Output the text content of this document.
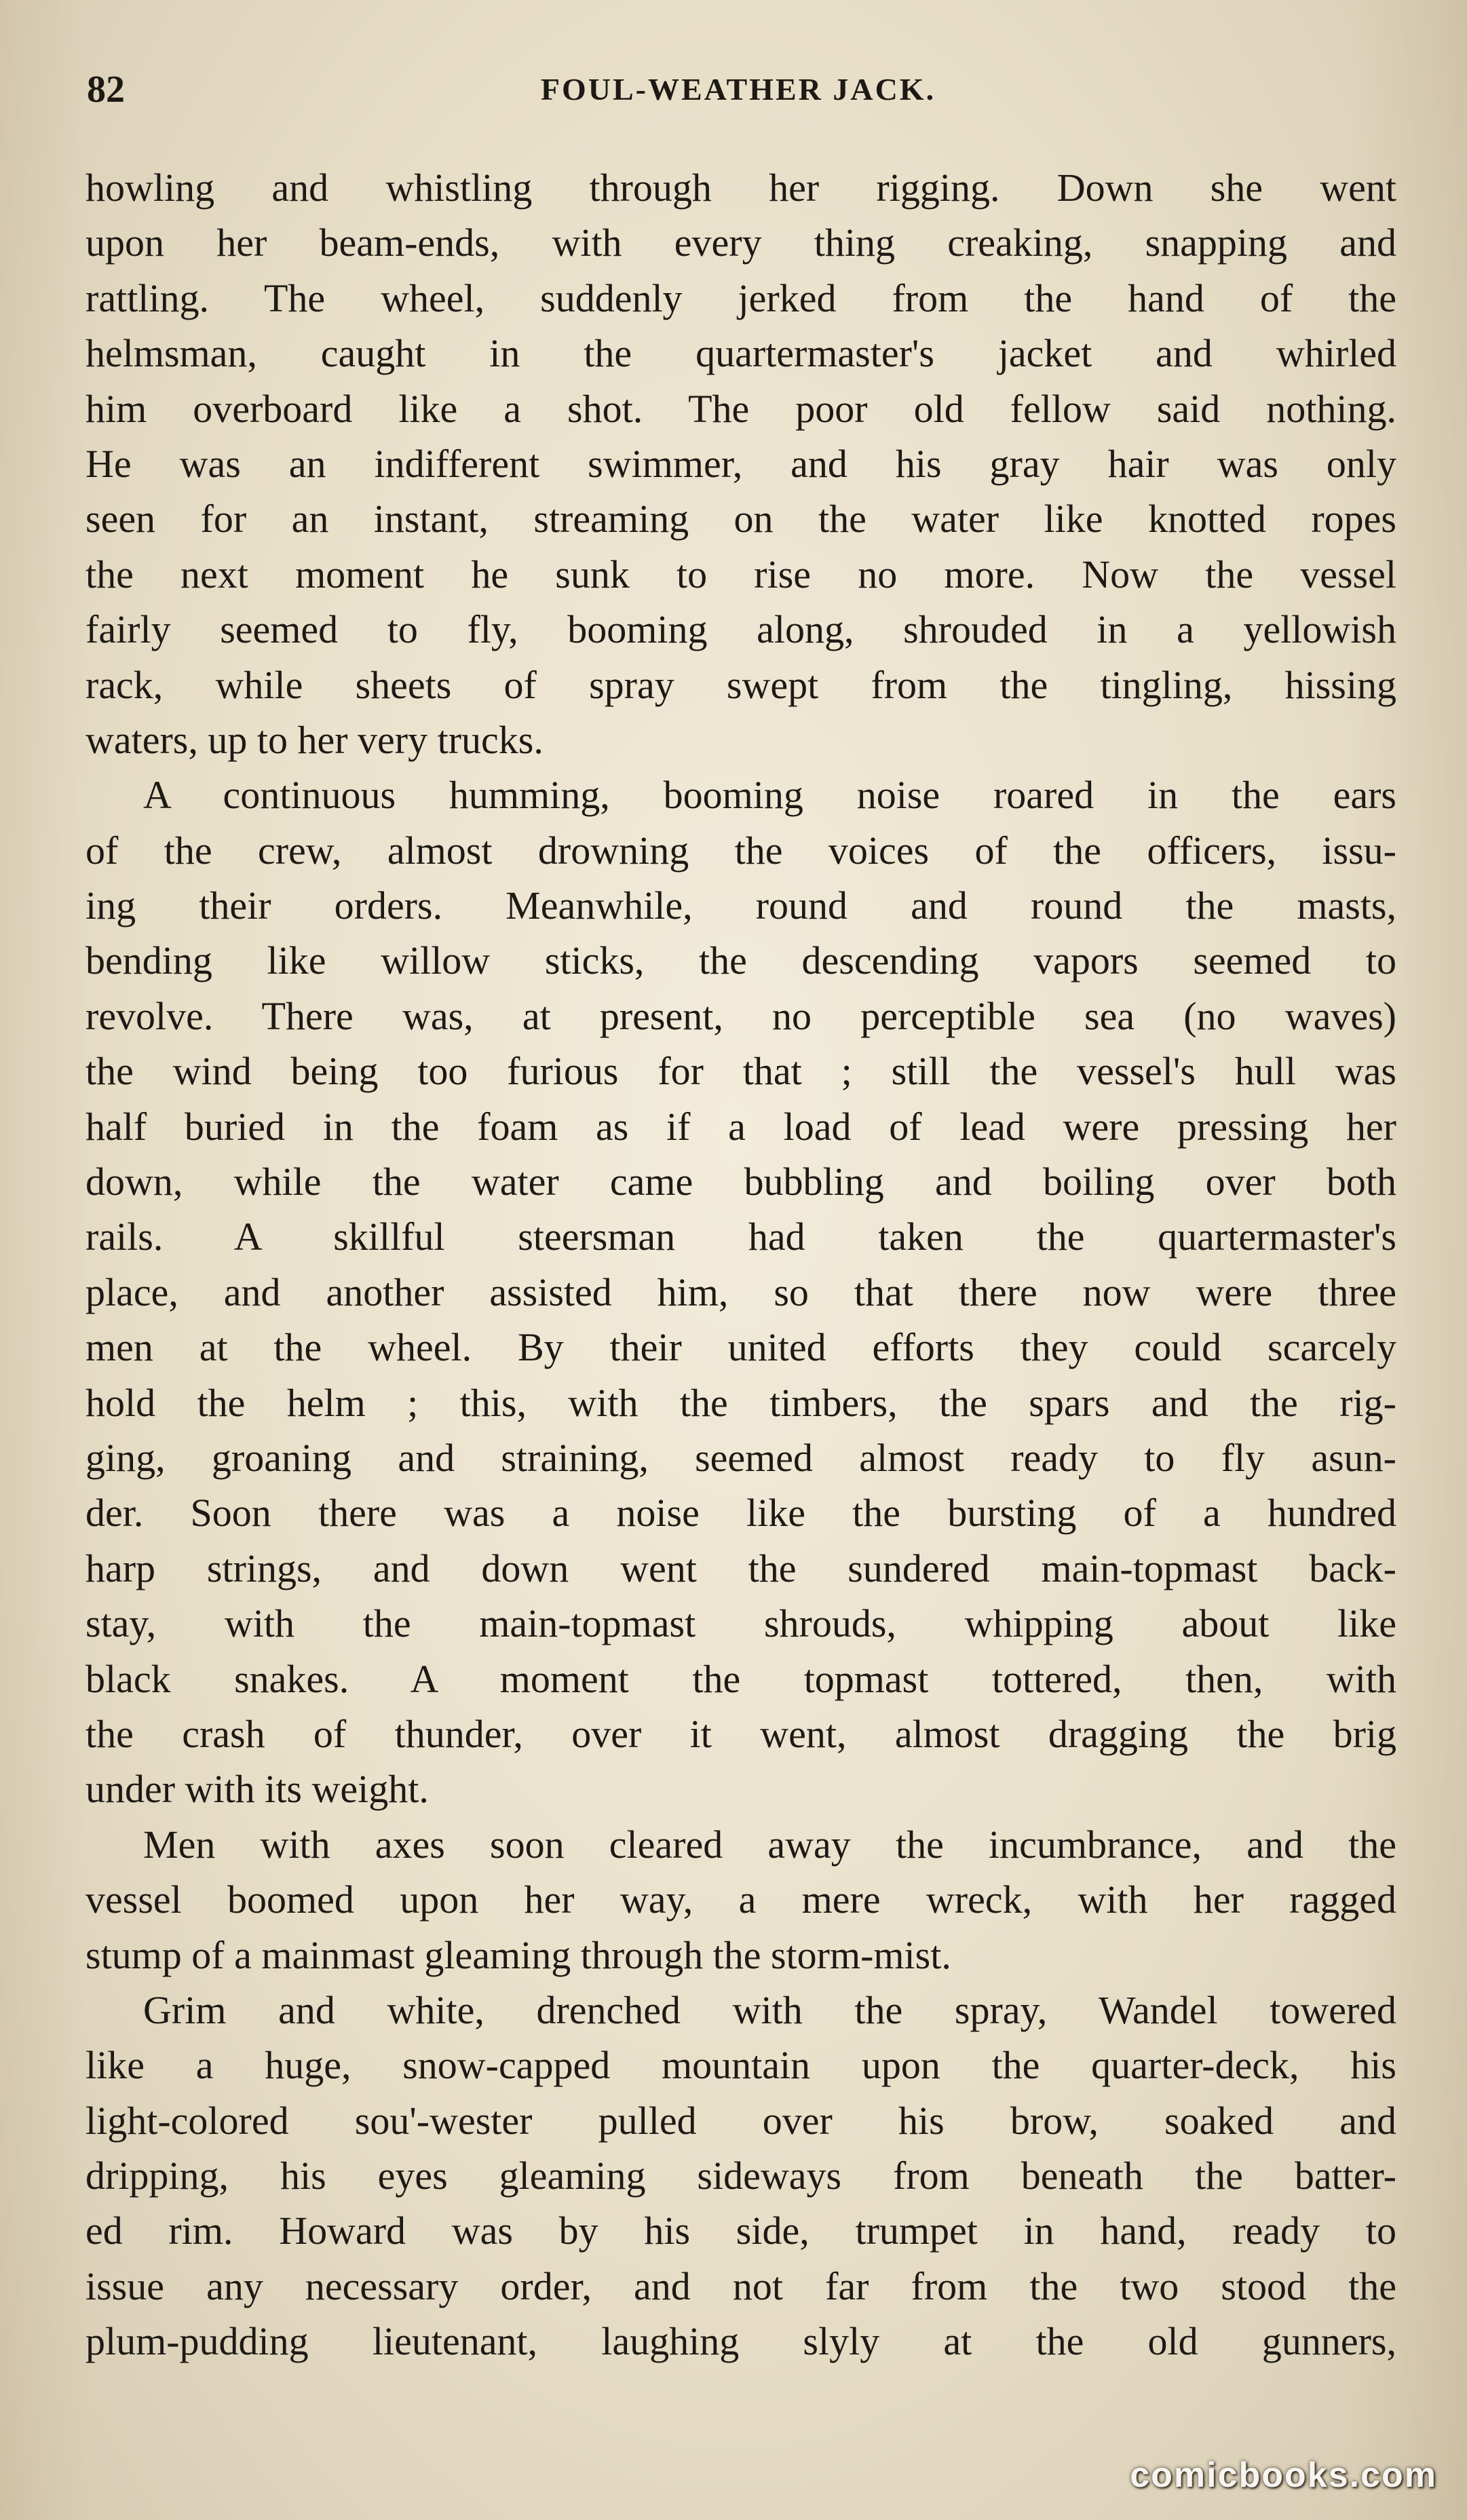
82	FOUL-WEATHER JACK.
howling and whistling through her rigging. Down she went
upon her beam-ends, with every thing creaking, snapping and
rattling. The wheel, suddenly jerked from the hand of the
helmsman, caught in the quartermaster's jacket and whirled
him overboard like a shot. The poor old fellow said nothing.
He was an indifferent swimmer, and his gray hair was only
seen for an instant, streaming on the water like knotted ropes
the next moment he sunk to rise no more. Now the vessel
fairly seemed to fly, booming along, shrouded in a yellowish
rack, while sheets of spray swept from the tingling, hissing
waters, up to her very trucks.
A continuous humming, booming noise roared in the ears
of the crew, almost drowning the voices of the officers, issu-
ing their orders. Meanwhile, round and round the masts,
bending like willow sticks, the descending vapors seemed to
revolve. There was, at present, no perceptible sea (no waves)
the wind being too furious for that ; still the vessel's hull was
half buried in the foam as if a load of lead were pressing her
down, while the water came bubbling and boiling over both
rails. A skillful steersman had taken the quartermaster's
place, and another assisted him, so that there now were three
men at the wheel. By their united efforts they could scarcely
hold the helm ; this, with the timbers, the spars and the rig-
ging, groaning and straining, seemed almost ready to fly asun-
der. Soon there was a noise like the bursting of a hundred
harp strings, and down went the sundered main-topmast back-
stay, with the main-topmast shrouds, whipping about like
black snakes. A moment the topmast tottered, then, with
the crash of thunder, over it went, almost dragging the brig
under with its weight.
Men with axes soon cleared away the incumbrance, and the
vessel boomed upon her way, a mere wreck, with her ragged
stump of a mainmast gleaming through the storm-mist.
Grim and white, drenched with the spray, Wandel towered
like a huge, snow-capped mountain upon the quarter-deck, his
light-colored sou'-wester pulled over his brow, soaked and
dripping, his eyes gleaming sideways from beneath the batter-
ed rim. Howard was by his side, trumpet in hand, ready to
issue any necessary order, and not far from the two stood the
plum-pudding lieutenant, laughing slyly at the old gunners,
comicbooks.com
